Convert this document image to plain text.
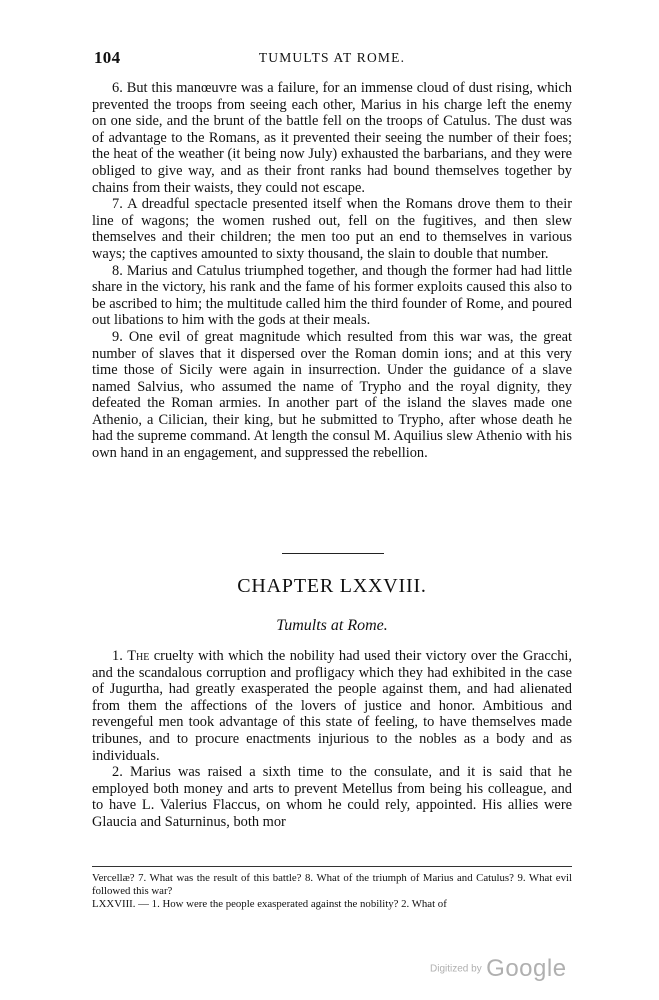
104	TUMULTS AT ROME.

6. But this manœuvre was a failure, for an immense cloud of dust rising, which prevented the troops from seeing each other, Marius in his charge left the enemy on one side, and the brunt of the battle fell on the troops of Catulus. The dust was of advantage to the Romans, as it prevented their seeing the number of their foes; the heat of the weather (it being now July) exhausted the barbarians, and they were obliged to give way, and as their front ranks had bound themselves together by chains from their waists, they could not escape.

7. A dreadful spectacle presented itself when the Romans drove them to their line of wagons; the women rushed out, fell on the fugitives, and then slew themselves and their children; the men too put an end to themselves in various ways; the captives amounted to sixty thousand, the slain to double that number.

8. Marius and Catulus triumphed together, and though the former had had little share in the victory, his rank and the fame of his former exploits caused this also to be ascribed to him; the multitude called him the third founder of Rome, and poured out libations to him with the gods at their meals.

9. One evil of great magnitude which resulted from this war was, the great number of slaves that it dispersed over the Roman domin ions; and at this very time those of Sicily were again in insurrection. Under the guidance of a slave named Salvius, who assumed the name of Trypho and the royal dignity, they defeated the Roman armies. In another part of the island the slaves made one Athenio, a Cilician, their king, but he submitted to Trypho, after whose death he had the supreme command. At length the consul M. Aquilius slew Athenio with his own hand in an engagement, and suppressed the rebellion.

CHAPTER LXXVIII.
Tumults at Rome.

1. The cruelty with which the nobility had used their victory over the Gracchi, and the scandalous corruption and profligacy which they had exhibited in the case of Jugurtha, had greatly exasperated the people against them, and had alienated from them the affections of the lovers of justice and honor. Ambitious and revengeful men took advantage of this state of feeling, to have themselves made tribunes, and to procure enactments injurious to the nobles as a body and as individuals.

2. Marius was raised a sixth time to the consulate, and it is said that he employed both money and arts to prevent Metellus from being his colleague, and to have L. Valerius Flaccus, on whom he could rely, appointed. His allies were Glaucia and Saturninus, both mor

Vercellæ? 7. What was the result of this battle? 8. What of the triumph of Marius and Catulus? 9. What evil followed this war?

LXXVIII. — 1. How were the people exasperated against the nobility? 2. What of

Digitized by Google
